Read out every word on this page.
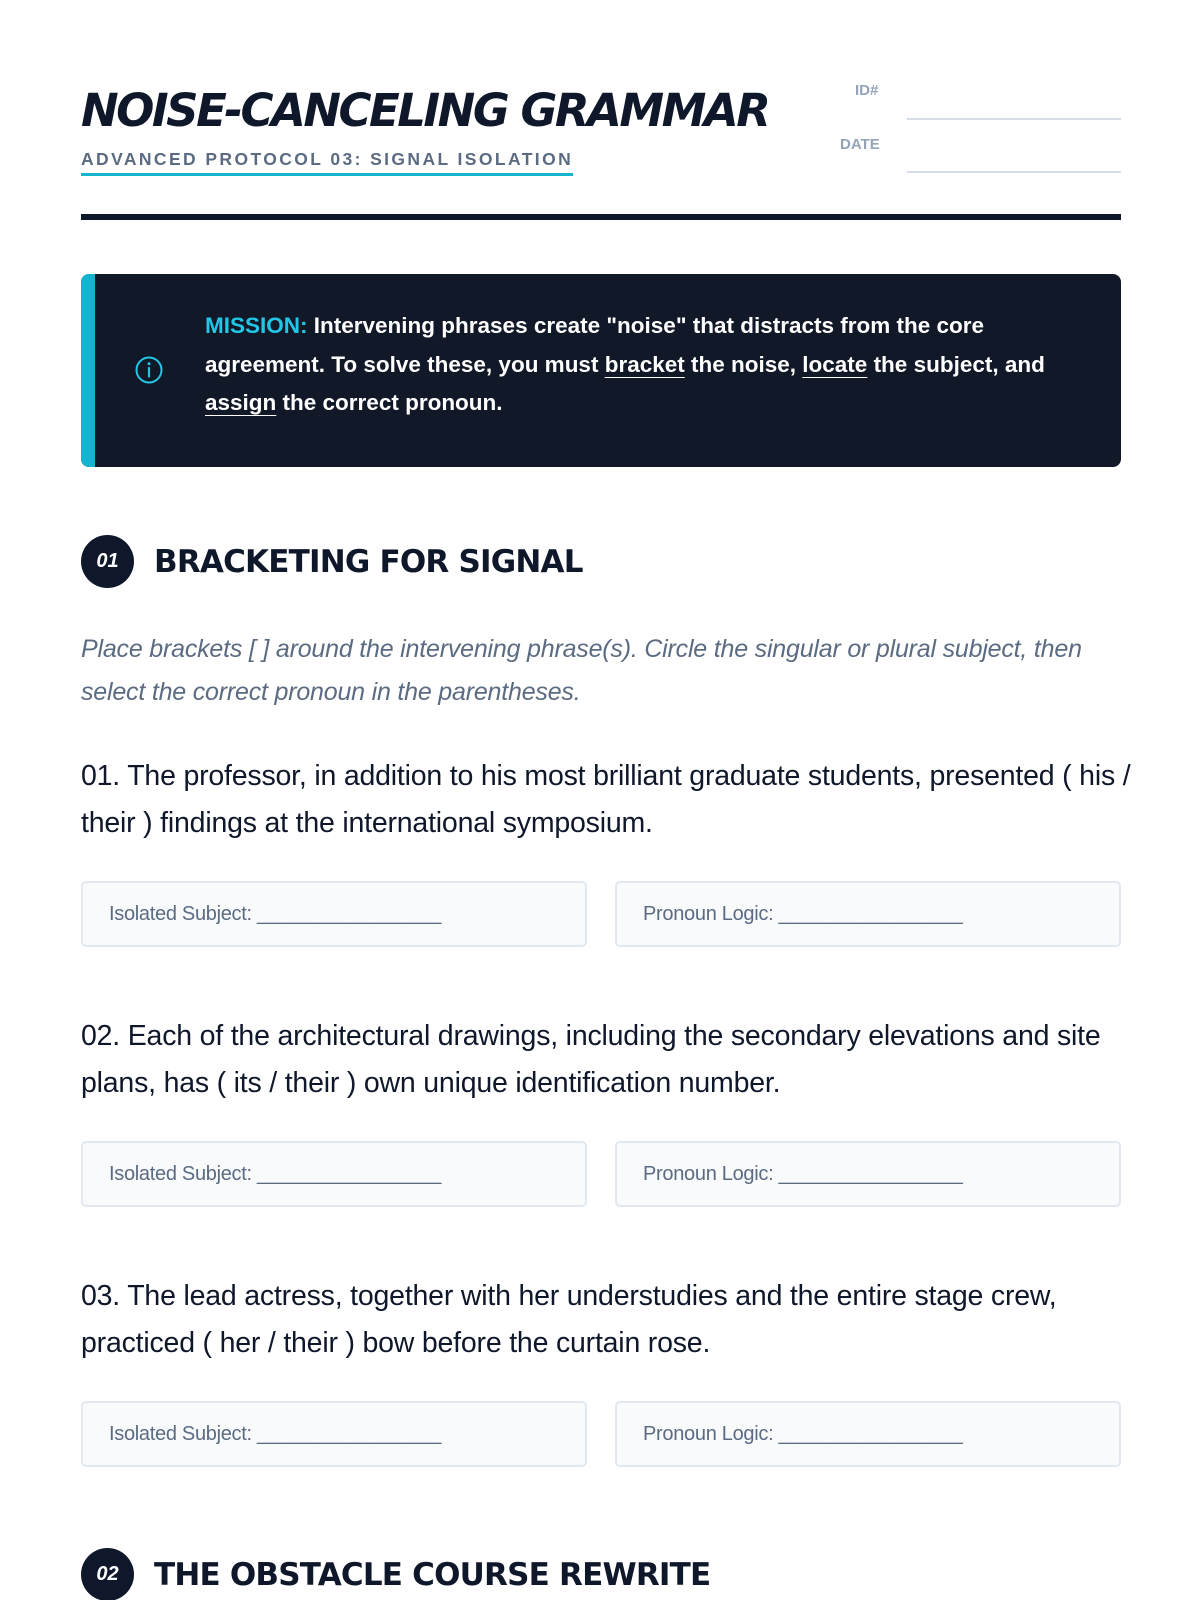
NOISE-CANCELING GRAMMAR
ADVANCED PROTOCOL 03: SIGNAL ISOLATION
ID#
DATE
MISSION: Intervening phrases create "noise" that distracts from the core agreement. To solve these, you must bracket the noise, locate the subject, and assign the correct pronoun.
01	BRACKETING FOR SIGNAL
Place brackets [ ] around the intervening phrase(s). Circle the singular or plural subject, then select the correct pronoun in the parentheses.
01. The professor, in addition to his most brilliant graduate students, presented ( his / their ) findings at the international symposium.
Isolated Subject: _________________	Pronoun Logic: _________________
02. Each of the architectural drawings, including the secondary elevations and site plans, has ( its / their ) own unique identification number.
Isolated Subject: _________________	Pronoun Logic: _________________
03. The lead actress, together with her understudies and the entire stage crew, practiced ( her / their ) bow before the curtain rose.
Isolated Subject: _________________	Pronoun Logic: _________________
02	THE OBSTACLE COURSE REWRITE
